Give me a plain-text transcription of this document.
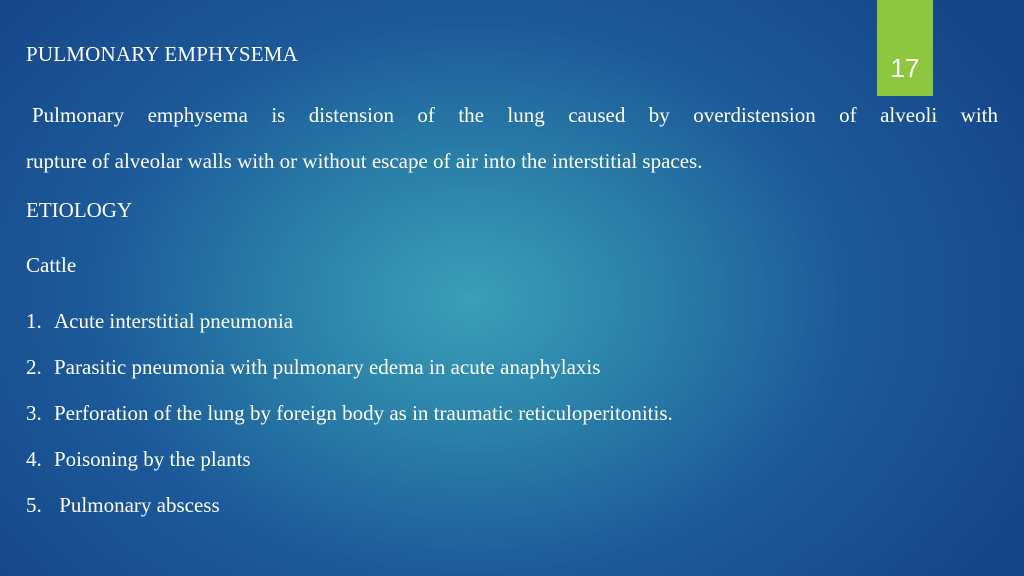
17
PULMONARY EMPHYSEMA
Pulmonary emphysema is distension of the lung caused by overdistension of alveoli with
rupture of alveolar walls with or without escape of air into the interstitial spaces.
ETIOLOGY
Cattle
1. Acute interstitial pneumonia
2. Parasitic pneumonia with pulmonary edema in acute anaphylaxis
3. Perforation of the lung by foreign body as in traumatic reticuloperitonitis.
4. Poisoning by the plants
5. Pulmonary abscess
